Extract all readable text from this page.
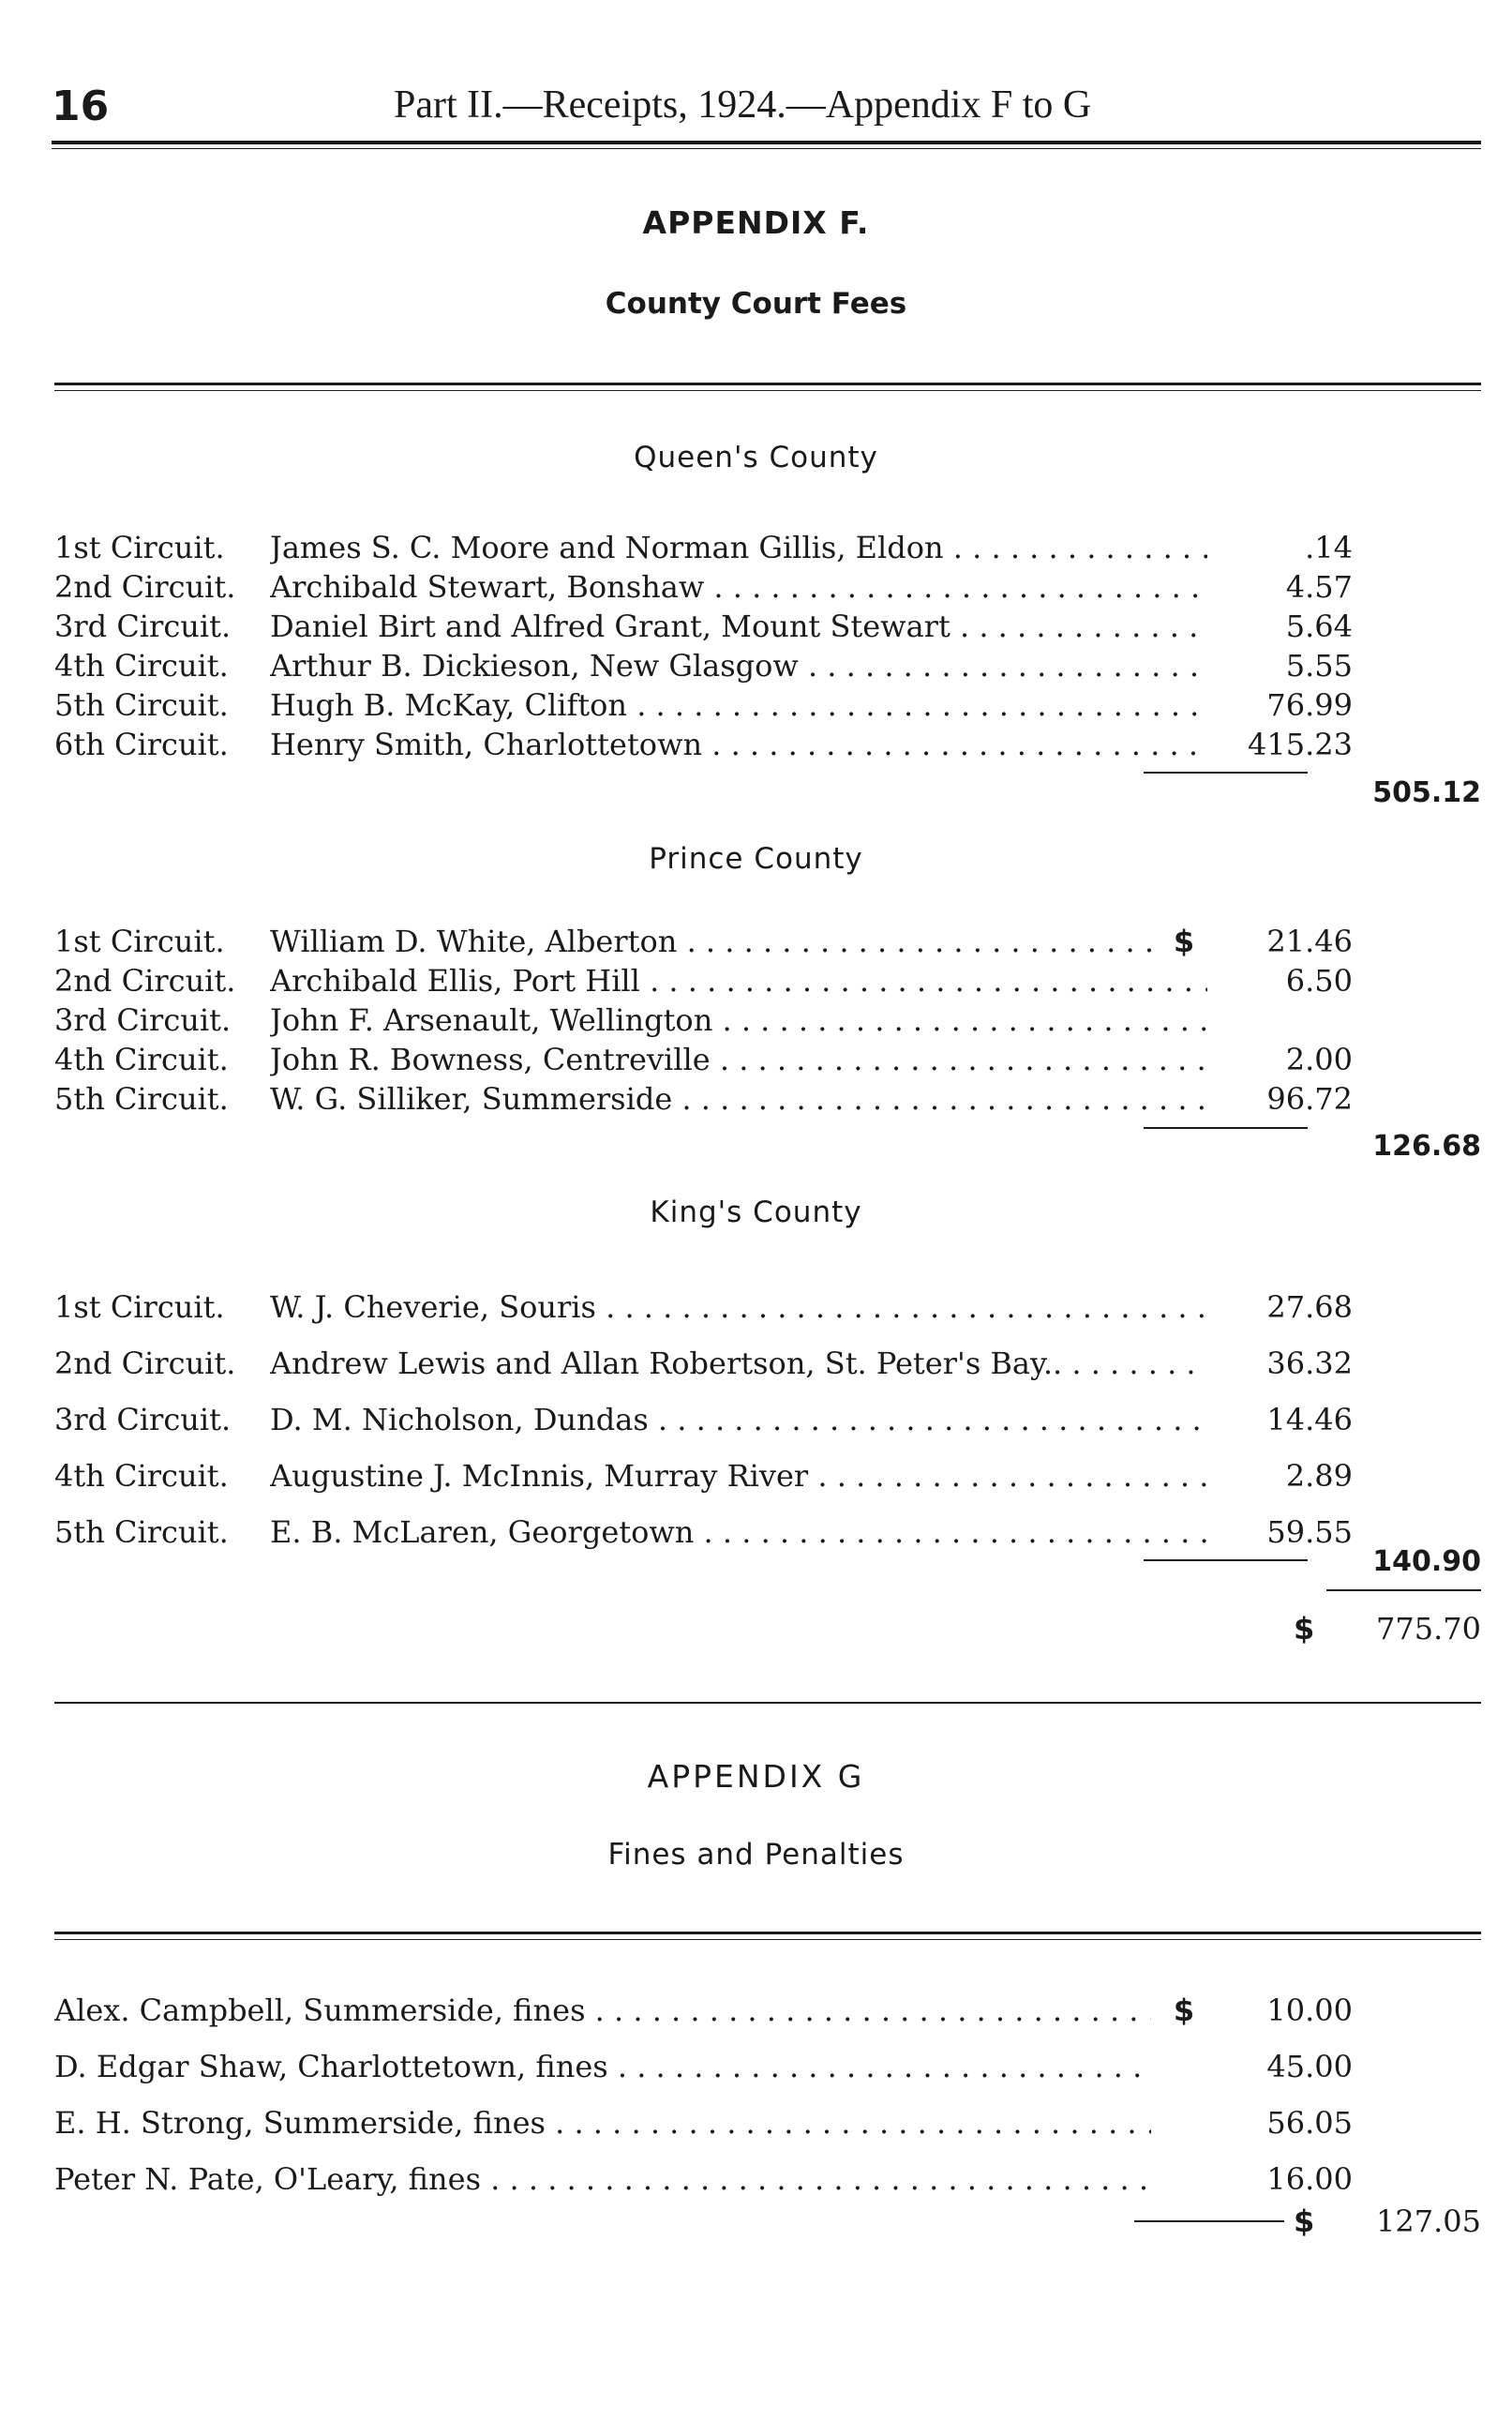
16	Part II.—Receipts, 1924.—Appendix F to G
APPENDIX F.
County Court Fees
Queen's County
1st Circuit.	James S. C. Moore and Norman Gillis, Eldon . . .	.14
2nd Circuit.	Archibald Stewart, Bonshaw . . .	4.57
3rd Circuit.	Daniel Birt and Alfred Grant, Mount Stewart . . .	5.64
4th Circuit.	Arthur B. Dickieson, New Glasgow . . .	5.55
5th Circuit.	Hugh B. McKay, Clifton . . .	76.99
6th Circuit.	Henry Smith, Charlottetown . . .	415.23
505.12
Prince County
1st Circuit.	William D. White, Alberton . . .	$	21.46
2nd Circuit.	Archibald Ellis, Port Hill . . .	6.50
3rd Circuit.	John F. Arsenault, Wellington . . .
4th Circuit.	John R. Bowness, Centreville . . .	2.00
5th Circuit.	W. G. Silliker, Summerside . . .	96.72
126.68
King's County
1st Circuit.	W. J. Cheverie, Souris . . .	27.68
2nd Circuit.	Andrew Lewis and Allan Robertson, St. Peter's Bay.. . . .	36.32
3rd Circuit.	D. M. Nicholson, Dundas . . .	14.46
4th Circuit.	Augustine J. McInnis, Murray River . . .	2.89
5th Circuit.	E. B. McLaren, Georgetown . . .	59.55
140.90
$	775.70
APPENDIX G
Fines and Penalties
Alex. Campbell, Summerside, fines . . .	$	10.00
D. Edgar Shaw, Charlottetown, fines . . .	45.00
E. H. Strong, Summerside, fines . . .	56.05
Peter N. Pate, O'Leary, fines . . .	16.00
$	127.05
